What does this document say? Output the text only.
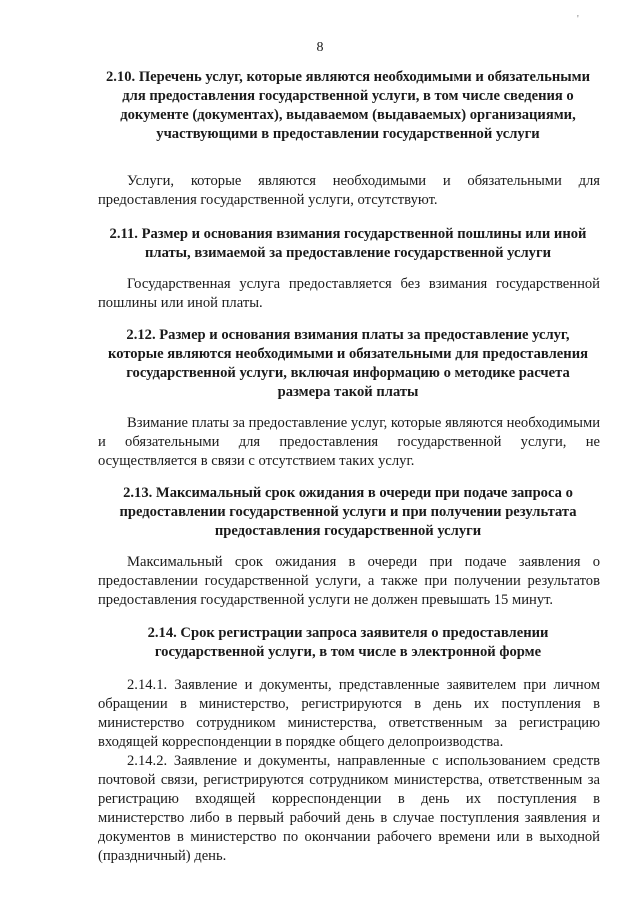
'
8
2.10. Перечень услуг, которые являются необходимыми и обязательными для предоставления государственной услуги, в том числе сведения о документе (документах), выдаваемом (выдаваемых) организациями, участвующими в предоставлении государственной услуги
Услуги, которые являются необходимыми и обязательными для предоставления государственной услуги, отсутствуют.
2.11. Размер и основания взимания государственной пошлины или иной платы, взимаемой за предоставление государственной услуги
Государственная услуга предоставляется без взимания государственной пошлины или иной платы.
2.12. Размер и основания взимания платы за предоставление услуг, которые являются необходимыми и обязательными для предоставления государственной услуги, включая информацию о методике расчета размера такой платы
Взимание платы за предоставление услуг, которые являются необходимыми и обязательными для предоставления государственной услуги, не осуществляется в связи с отсутствием таких услуг.
2.13. Максимальный срок ожидания в очереди при подаче запроса о предоставлении государственной услуги и при получении результата предоставления государственной услуги
Максимальный срок ожидания в очереди при подаче заявления о предоставлении государственной услуги, а также при получении результатов предоставления государственной услуги не должен превышать 15 минут.
2.14. Срок регистрации запроса заявителя о предоставлении государственной услуги, в том числе в электронной форме
2.14.1. Заявление и документы, представленные заявителем при личном обращении в министерство, регистрируются в день их поступления в министерство сотрудником министерства, ответственным за регистрацию входящей корреспонденции в порядке общего делопроизводства.
2.14.2. Заявление и документы, направленные с использованием средств почтовой связи, регистрируются сотрудником министерства, ответственным за регистрацию входящей корреспонденции в день их поступления в министерство либо в первый рабочий день в случае поступления заявления и документов в министерство по окончании рабочего времени или в выходной (праздничный) день.
